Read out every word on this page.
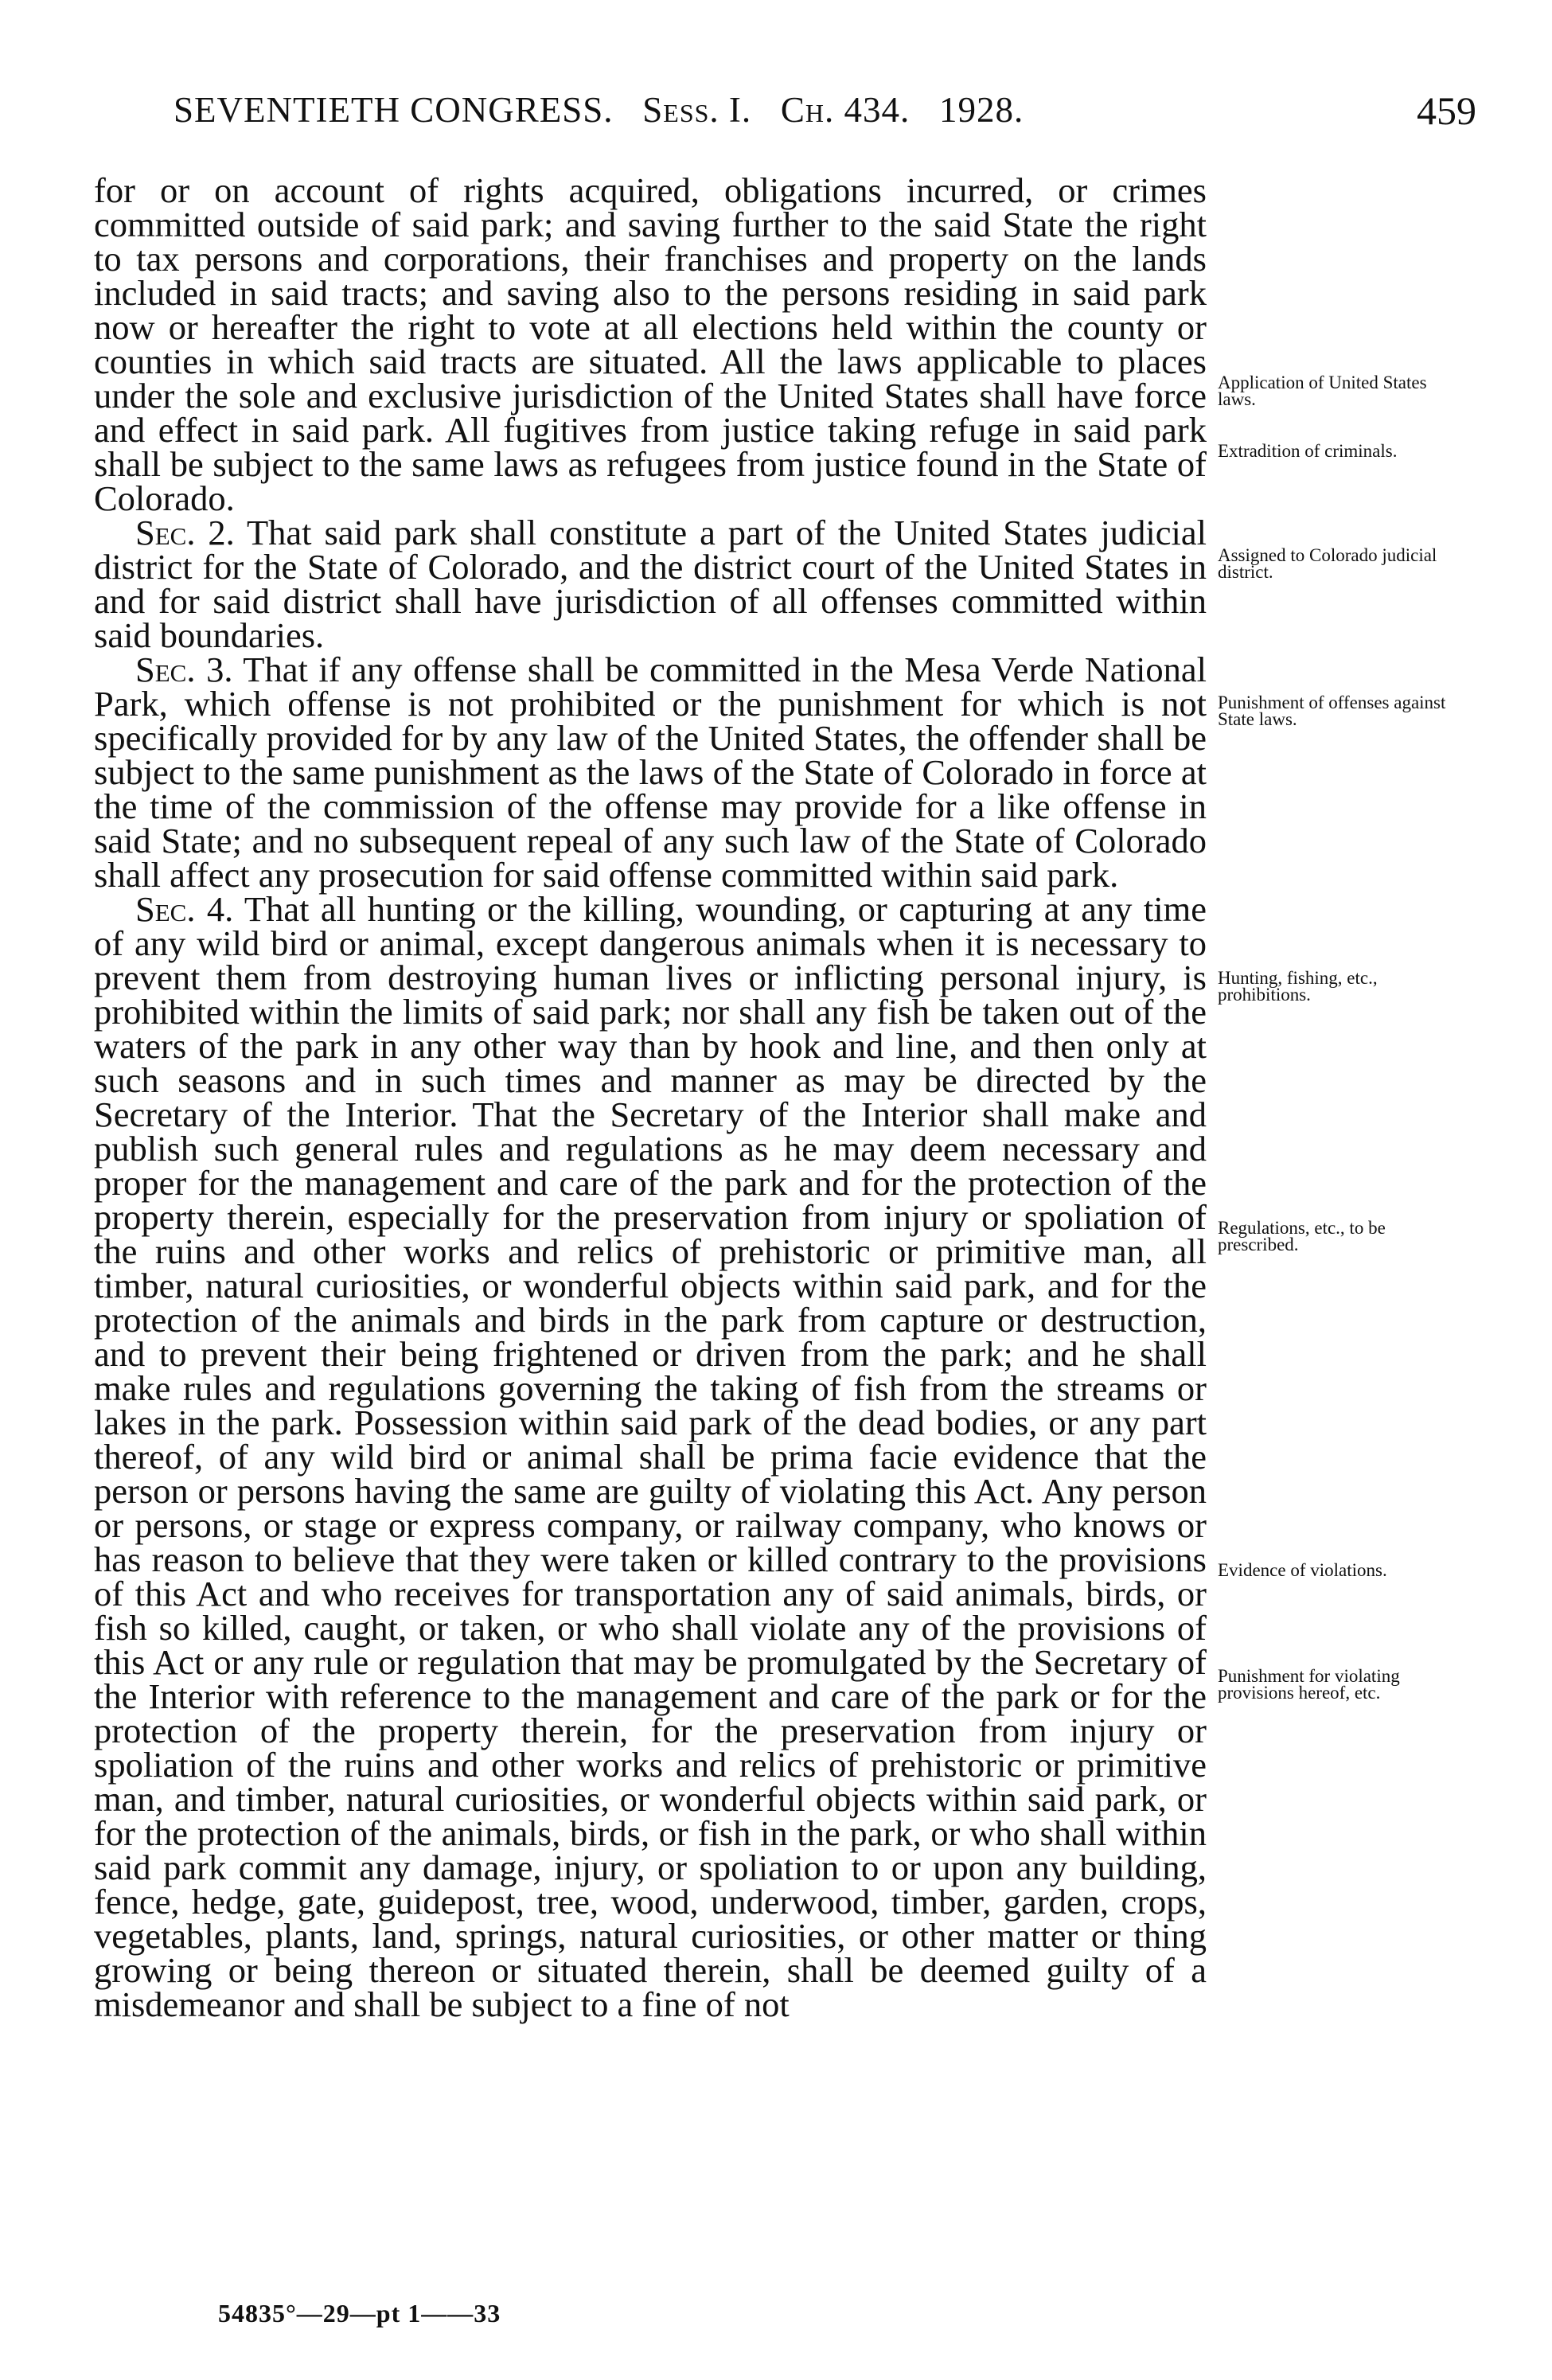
SEVENTIETH CONGRESS. Sess. I. Ch. 434. 1928.	459

for or on account of rights acquired, obligations incurred, or crimes committed outside of said park; and saving further to the said State the right to tax persons and corporations, their franchises and property on the lands included in said tracts; and saving also to the persons residing in said park now or hereafter the right to vote at all elections held within the county or counties in which said tracts are situated. All the laws applicable to places under the sole and exclusive jurisdiction of the United States shall have force and effect in said park. All fugitives from justice taking refuge in said park shall be subject to the same laws as refugees from justice found in the State of Colorado.

Sec. 2. That said park shall constitute a part of the United States judicial district for the State of Colorado, and the district court of the United States in and for said district shall have jurisdiction of all offenses committed within said boundaries.

Sec. 3. That if any offense shall be committed in the Mesa Verde National Park, which offense is not prohibited or the punishment for which is not specifically provided for by any law of the United States, the offender shall be subject to the same punishment as the laws of the State of Colorado in force at the time of the commission of the offense may provide for a like offense in said State; and no subsequent repeal of any such law of the State of Colorado shall affect any prosecution for said offense committed within said park.

Sec. 4. That all hunting or the killing, wounding, or capturing at any time of any wild bird or animal, except dangerous animals when it is necessary to prevent them from destroying human lives or inflicting personal injury, is prohibited within the limits of said park; nor shall any fish be taken out of the waters of the park in any other way than by hook and line, and then only at such seasons and in such times and manner as may be directed by the Secretary of the Interior. That the Secretary of the Interior shall make and publish such general rules and regulations as he may deem necessary and proper for the management and care of the park and for the protection of the property therein, especially for the preservation from injury or spoliation of the ruins and other works and relics of prehistoric or primitive man, all timber, natural curiosities, or wonderful objects within said park, and for the protection of the animals and birds in the park from capture or destruction, and to prevent their being frightened or driven from the park; and he shall make rules and regulations governing the taking of fish from the streams or lakes in the park. Possession within said park of the dead bodies, or any part thereof, of any wild bird or animal shall be prima facie evidence that the person or persons having the same are guilty of violating this Act. Any person or persons, or stage or express company, or railway company, who knows or has reason to believe that they were taken or killed contrary to the provisions of this Act and who receives for transportation any of said animals, birds, or fish so killed, caught, or taken, or who shall violate any of the provisions of this Act or any rule or regulation that may be promulgated by the Secretary of the Interior with reference to the management and care of the park or for the protection of the property therein, for the preservation from injury or spoliation of the ruins and other works and relics of prehistoric or primitive man, and timber, natural curiosities, or wonderful objects within said park, or for the protection of the animals, birds, or fish in the park, or who shall within said park commit any damage, injury, or spoliation to or upon any building, fence, hedge, gate, guidepost, tree, wood, underwood, timber, garden, crops, vegetables, plants, land, springs, natural curiosities, or other matter or thing growing or being thereon or situated therein, shall be deemed guilty of a misdemeanor and shall be subject to a fine of not

Application of United States laws.
Extradition of criminals.
Assigned to Colorado judicial district.
Punishment of offenses against State laws.
Hunting, fishing, etc., prohibitions.
Regulations, etc., to be prescribed.
Evidence of violations.
Punishment for violating provisions hereof, etc.
54835°—29—pt 1——33
